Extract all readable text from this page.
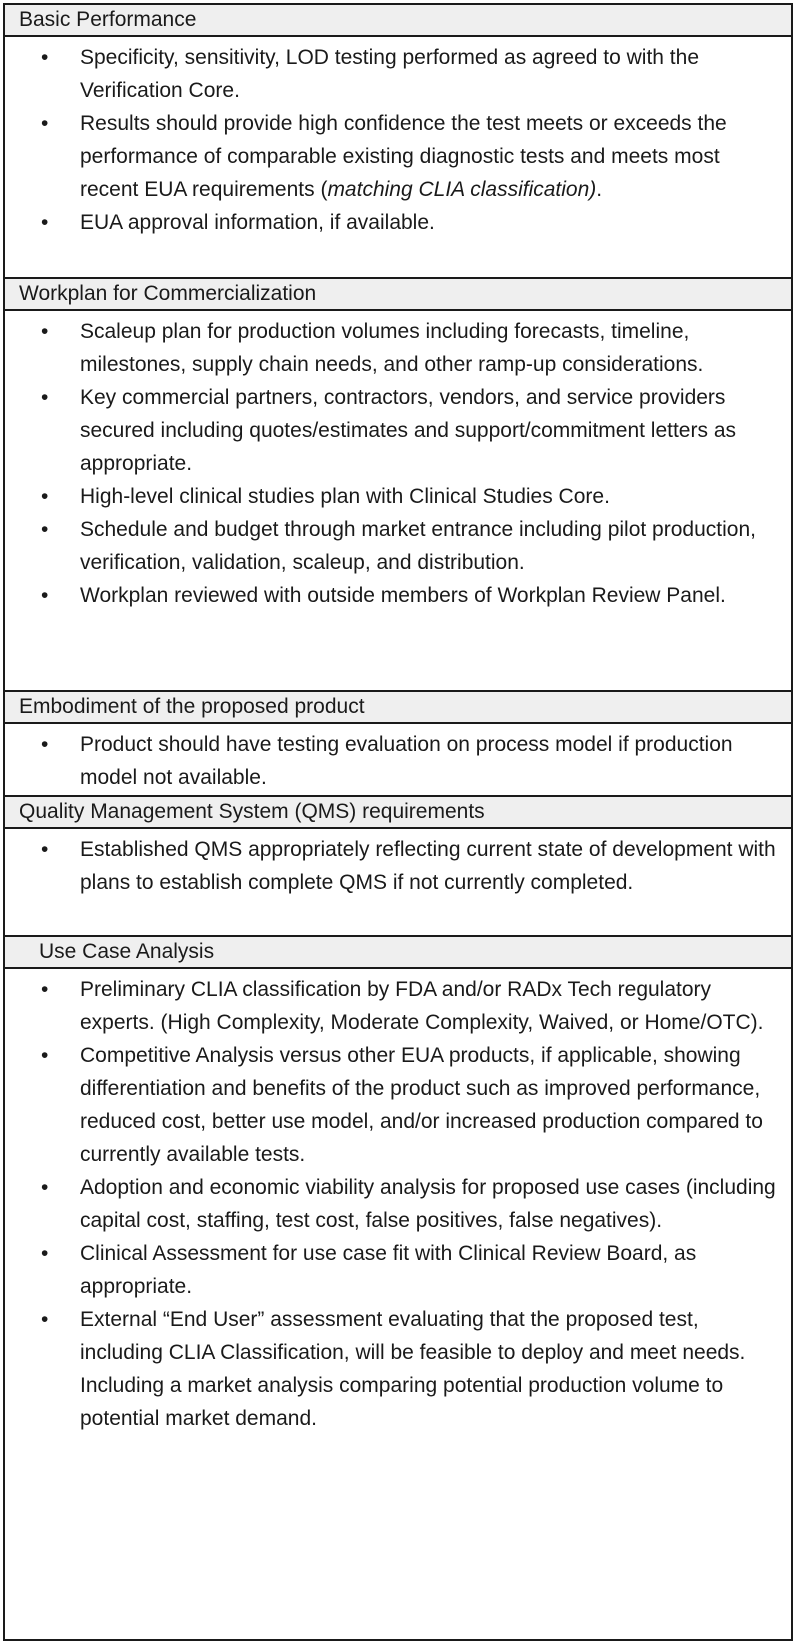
Basic Performance
• Specificity, sensitivity, LOD testing performed as agreed to with the Verification Core.
• Results should provide high confidence the test meets or exceeds the performance of comparable existing diagnostic tests and meets most recent EUA requirements (matching CLIA classification).
• EUA approval information, if available.
Workplan for Commercialization
• Scaleup plan for production volumes including forecasts, timeline, milestones, supply chain needs, and other ramp-up considerations.
• Key commercial partners, contractors, vendors, and service providers secured including quotes/estimates and support/commitment letters as appropriate.
• High-level clinical studies plan with Clinical Studies Core.
• Schedule and budget through market entrance including pilot production, verification, validation, scaleup, and distribution.
• Workplan reviewed with outside members of Workplan Review Panel.
Embodiment of the proposed product
• Product should have testing evaluation on process model if production model not available.
Quality Management System (QMS) requirements
• Established QMS appropriately reflecting current state of development with plans to establish complete QMS if not currently completed.
Use Case Analysis
• Preliminary CLIA classification by FDA and/or RADx Tech regulatory experts. (High Complexity, Moderate Complexity, Waived, or Home/OTC).
• Competitive Analysis versus other EUA products, if applicable, showing differentiation and benefits of the product such as improved performance, reduced cost, better use model, and/or increased production compared to currently available tests.
• Adoption and economic viability analysis for proposed use cases (including capital cost, staffing, test cost, false positives, false negatives).
• Clinical Assessment for use case fit with Clinical Review Board, as appropriate.
• External “End User” assessment evaluating that the proposed test, including CLIA Classification, will be feasible to deploy and meet needs. Including a market analysis comparing potential production volume to potential market demand.
